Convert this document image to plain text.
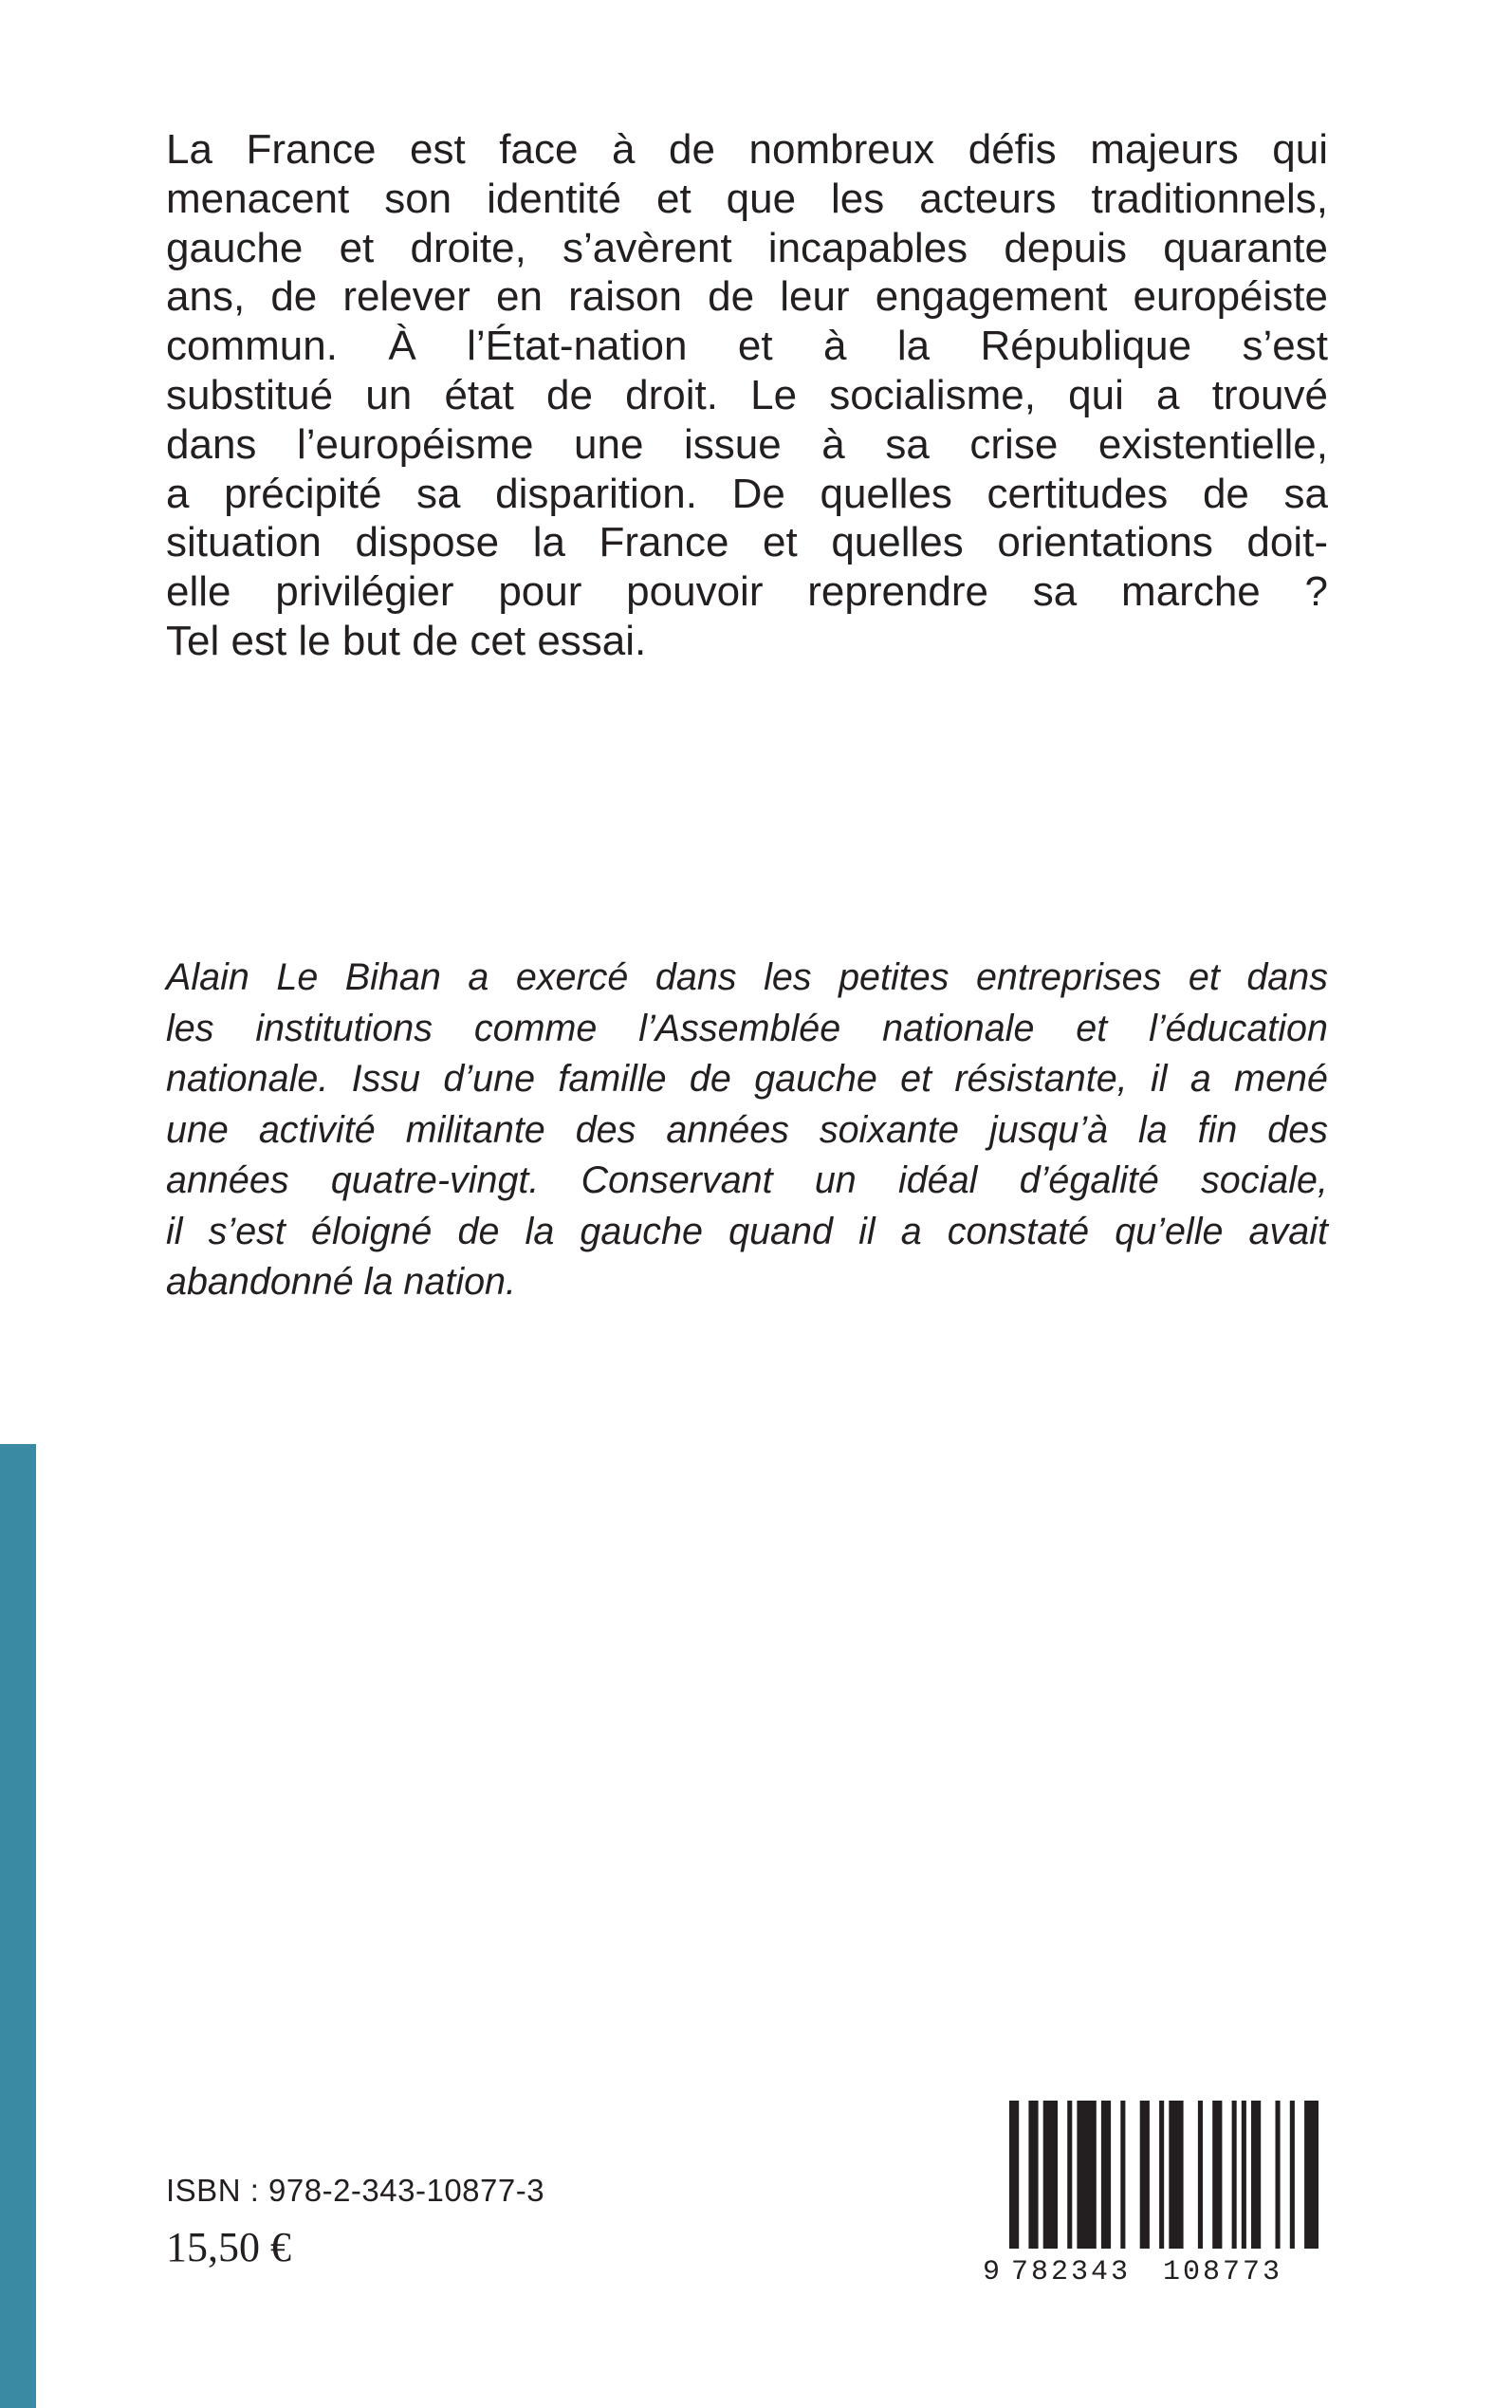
La France est face à de nombreux défis majeurs qui
menacent son identité et que les acteurs traditionnels,
gauche et droite, s’avèrent incapables depuis quarante
ans, de relever en raison de leur engagement européiste
commun. À l’État-nation et à la République s’est
substitué un état de droit. Le socialisme, qui a trouvé
dans l’européisme une issue à sa crise existentielle,
a précipité sa disparition. De quelles certitudes de sa
situation dispose la France et quelles orientations doit-
elle privilégier pour pouvoir reprendre sa marche ?
Tel est le but de cet essai.
Alain Le Bihan a exercé dans les petites entreprises et dans
les institutions comme l’Assemblée nationale et l’éducation
nationale. Issu d’une famille de gauche et résistante, il a mené
une activité militante des années soixante jusqu’à la fin des
années quatre-vingt. Conservant un idéal d’égalité sociale,
il s’est éloigné de la gauche quand il a constaté qu’elle avait
abandonné la nation.
ISBN : 978-2-343-10877-3
15,50 €
9 782343 108773
